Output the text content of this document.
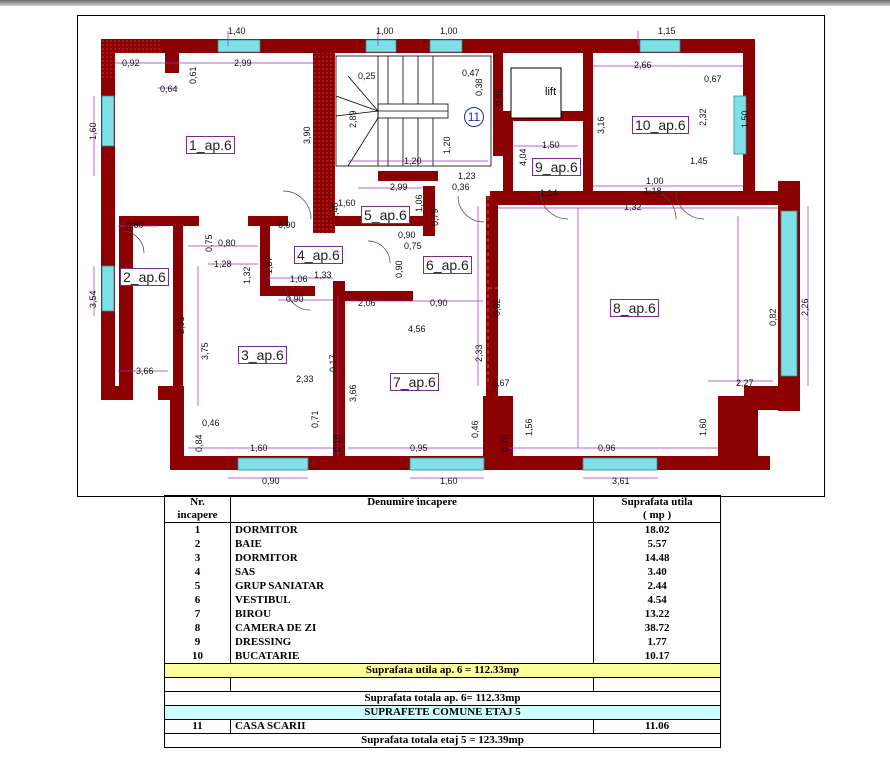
1_ap.6
2_ap.6
3_ap.6
4_ap.6
5_ap.6
6_ap.6
7_ap.6
8_ap.6
9_ap.6
10_ap.6
lift
11
1,40	1,00	1,00	1,15
0,92	2,99
0,64
0,25	0,47
2,66
0,67
1,20
1,50
1,45
1,23
0,36
1,00
1,18
2,99
1,60
1,14
1,32
0,60	6,90
0,90
0,80	0,75
1,28
1,06 1,33
0,90	2,06	0,90
4,56
3,66
2,33	3,67	2,27
0,46
1,60	0,95	0,96
0,90	1,60	3,61
1,60	3,90
2,89
1,20
3,16	2,32	1,50
4,04
0,63
0,38
0,61
3,54
2,91
3,75
0,17
3,66
2,33
0,82	2,26
0,82
0,75
1,37
1,32	0,90
0,71
0,84	0,18	0,70
1,56	1,60
0,46
1,40	1,06
0,79
Nr.
incapere	Denumire incapere	Suprafata utila
( mp )
1	DORMITOR	18.02
2	BAIE	5.57
3	DORMITOR	14.48
4	SAS	3.40
5	GRUP SANIATAR	2.44
6	VESTIBUL	4.54
7	BIROU	13.22
8	CAMERA DE ZI	38.72
9	DRESSING	1.77
10	BUCATARIE	10.17
Suprafata utila ap. 6 = 112.33mp		

Suprafata totala ap. 6= 112.33mp		
SUPRAFETE COMUNE ETAJ 5		
11	CASA SCARII	11.06
Suprafata totala etaj 5 = 123.39mp		
